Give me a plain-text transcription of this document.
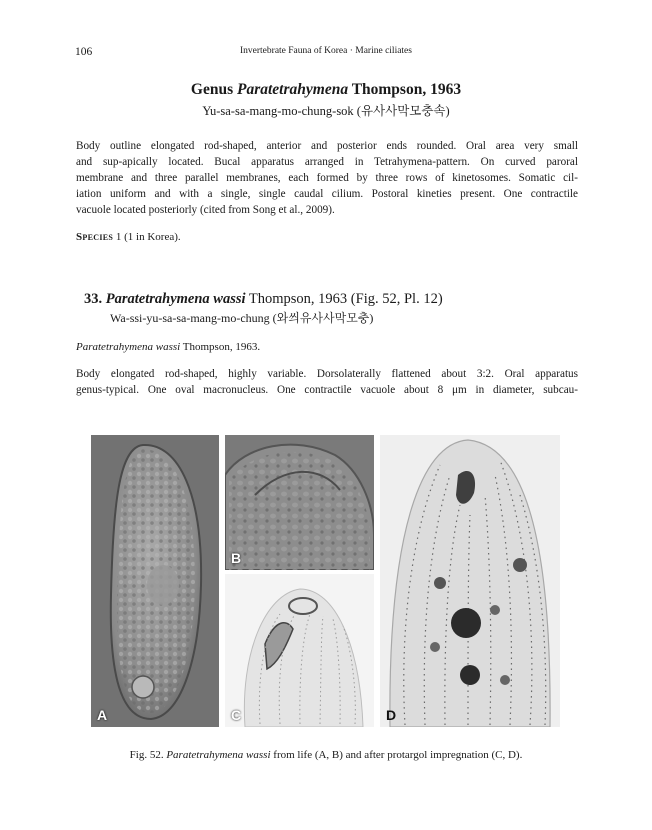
106	Invertebrate Fauna of Korea · Marine ciliates
Genus Paratetrahymena Thompson, 1963
Yu-sa-sa-mang-mo-chung-sok (유사사막모충속)
Body outline elongated rod-shaped, anterior and posterior ends rounded. Oral area very small
and sup-apically located. Bucal apparatus arranged in Tetrahymena-pattern. On curved paroral
membrane and three parallel membranes, each formed by three rows of kinetosomes. Somatic cil-
iation uniform and with a single, single caudal cilium. Postoral kineties present. One contractile
vacuole located posteriorly (cited from Song et al., 2009).
Species 1 (1 in Korea).
33. Paratetrahymena wassi Thompson, 1963 (Fig. 52, Pl. 12)
Wa-ssi-yu-sa-sa-mang-mo-chung (와씌유사사막모충)
Paratetrahymena wassi Thompson, 1963.
Body elongated rod-shaped, highly variable. Dorsolaterally flattened about 3:2. Oral apparatus
genus-typical. One oval macronucleus. One contractile vacuole about 8 μm in diameter, subcau-
A
B
C	D
Fig. 52. Paratetrahymena wassi from life (A, B) and after protargol impregnation (C, D).
